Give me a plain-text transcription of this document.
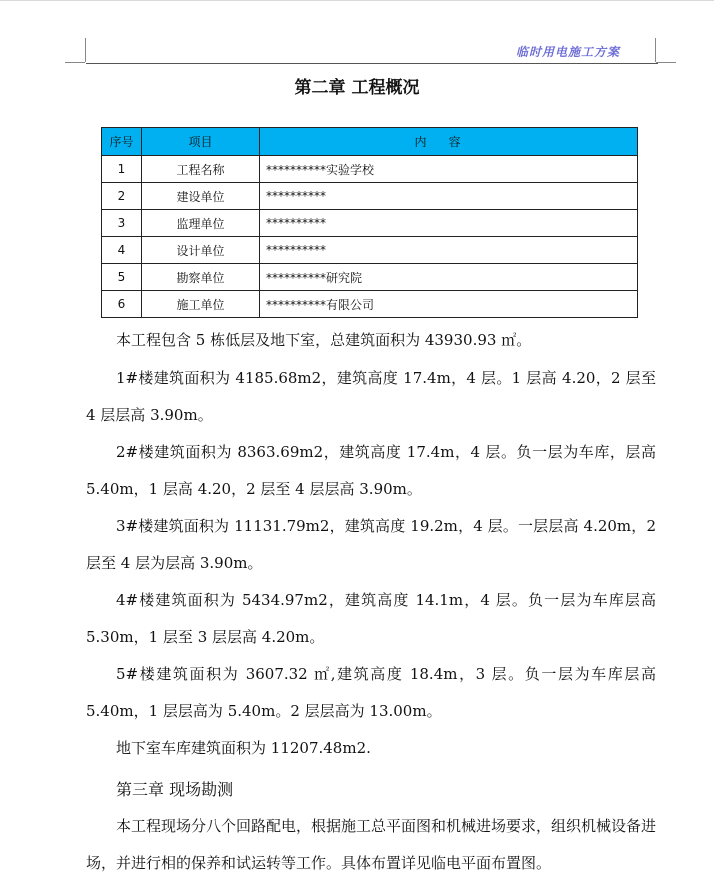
临时用电施工方案
第二章 工程概况
序号	项目	内容
1	工程名称	**********实验学校
2	建设单位	**********
3	监理单位	**********
4	设计单位	**********
5	勘察单位	**********研究院
6	施工单位	**********有限公司

本工程包含 5 栋低层及地下室，总建筑面积为 43930.93 ㎡。

1#楼建筑面积为 4185.68m2，建筑高度 17.4m，4 层。1 层高 4.20，2 层至 4 层层高 3.90m。

2#楼建筑面积为 8363.69m2，建筑高度 17.4m，4 层。负一层为车库，层高 5.40m，1 层高 4.20，2 层至 4 层层高 3.90m。

3#楼建筑面积为 11131.79m2，建筑高度 19.2m，4 层。一层层高 4.20m，2 层至 4 层为层高 3.90m。

4#楼建筑面积为 5434.97m2，建筑高度 14.1m，4 层。负一层为车库层高 5.30m，1 层至 3 层层高 4.20m。

5#楼建筑面积为 3607.32 ㎡,建筑高度 18.4m，3 层。负一层为车库层高 5.40m，1 层层高为 5.40m。2 层层高为 13.00m。

地下室车库建筑面积为 11207.48m2.

第三章 现场勘测

本工程现场分八个回路配电，根据施工总平面图和机械进场要求，组织机械设备进场，并进行相的保养和试运转等工作。具体布置详见临电平面布置图。
